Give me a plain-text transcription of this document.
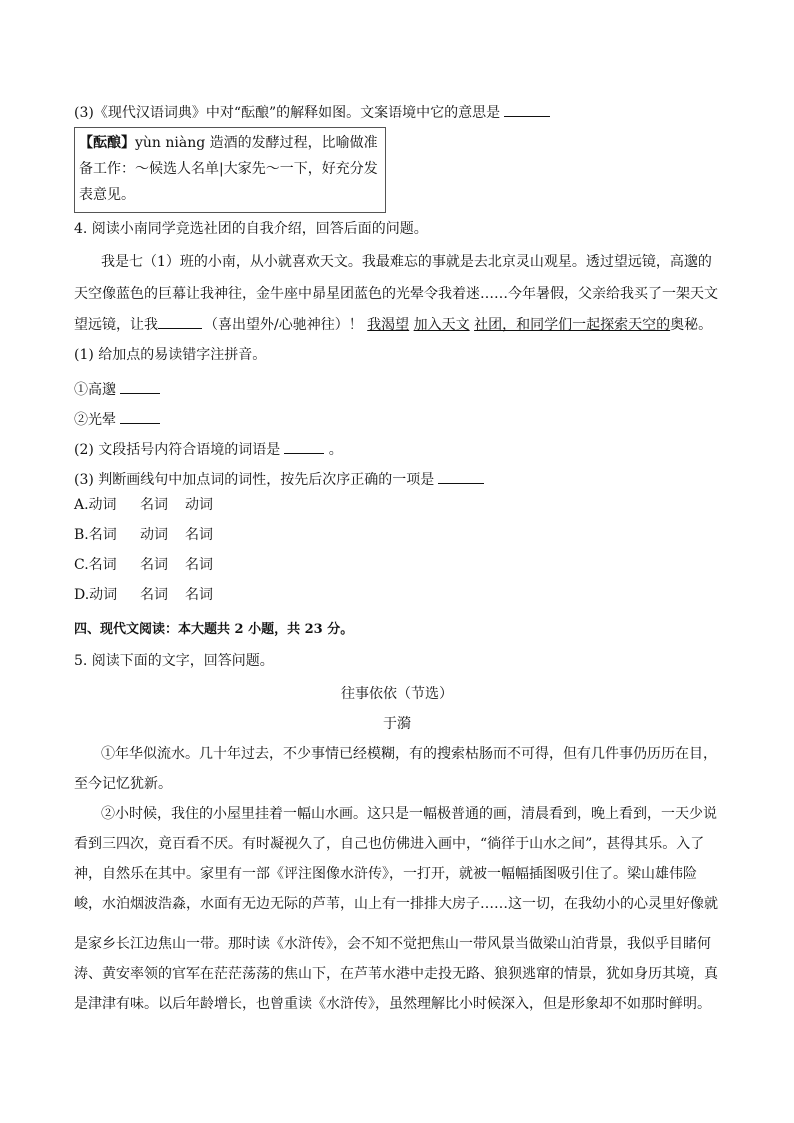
(3)《现代汉语词典》中对“酝酿”的解释如图。文案语境中它的意思是
【酝酿】yùn niàng 造酒的发酵过程，比喻做准备工作：～候选人名单|大家先～一下，好充分发表意见。
4. 阅读小南同学竞选社团的自我介绍，回答后面的问题。
我是七（1）班的小南，从小就喜欢天文。我最难忘的事就是去北京灵山观星。透过望远镜，高邈的
天空像蓝色的巨幕让我神往，金牛座中昴星团蓝色的光晕令我着迷……今年暑假，父亲给我买了一架天文
望远镜，让我	（喜出望外/心驰神往）！ 我渴望 加入天文 社团，和同学们一起探索天空的奥秘。
(1) 给加点的易读错字注拼音。
①高邈
②光晕
(2) 文段括号内符合语境的词语是	。
(3) 判断画线句中加点词的词性，按先后次序正确的一项是
A.动词 名词 动词
B.名词 动词 名词
C.名词 名词 名词
D.动词 名词 名词
四、现代文阅读：本大题共 2 小题，共 23 分。
5. 阅读下面的文字，回答问题。
往事依依（节选）
于漪
①年华似流水。几十年过去，不少事情已经模糊，有的搜索枯肠而不可得，但有几件事仍历历在目，
至今记忆犹新。
②小时候，我住的小屋里挂着一幅山水画。这只是一幅极普通的画，清晨看到，晚上看到，一天少说
看到三四次，竟百看不厌。有时凝视久了，自己也仿佛进入画中，“徜徉于山水之间”，甚得其乐。入了
神，自然乐在其中。家里有一部《评注图像水浒传》，一打开，就被一幅幅插图吸引住了。梁山雄伟险
峻，水泊烟波浩淼，水面有无边无际的芦苇，山上有一排排大房子……这一切，在我幼小的心灵里好像就
是家乡长江边焦山一带。那时读《水浒传》，会不知不觉把焦山一带风景当做梁山泊背景，我似乎目睹何
涛、黄安率领的官军在茫茫荡荡的焦山下，在芦苇水港中走投无路、狼狈逃窜的情景，犹如身历其境，真
是津津有味。以后年龄增长，也曾重读《水浒传》，虽然理解比小时候深入，但是形象却不如那时鲜明。
